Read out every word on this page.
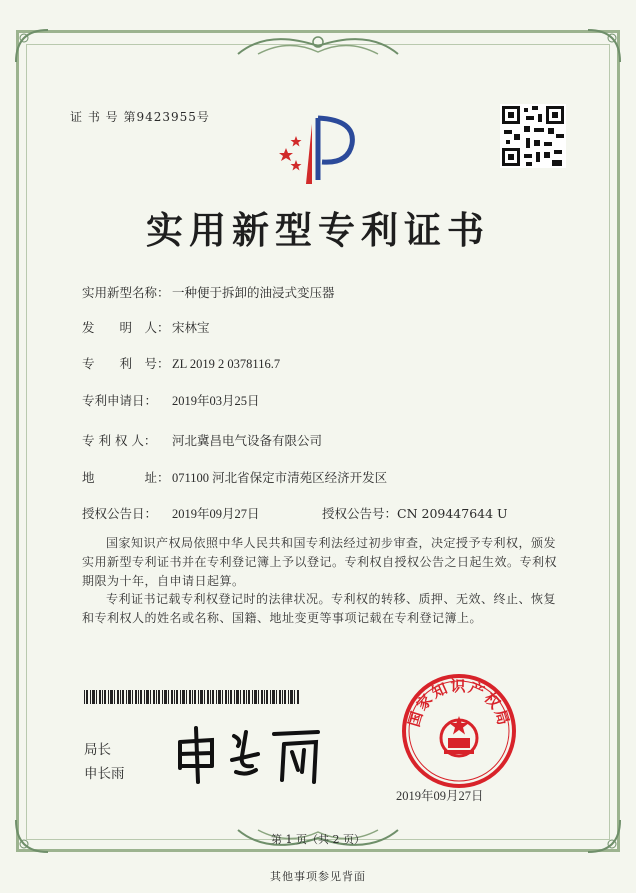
证 书 号 第9423955号
实用新型专利证书
实用新型名称： 一种便于拆卸的油浸式变压器
发　　明　人： 宋林宝
专　　利　号： ZL 2019 2 0378116.7
专利申请日： 2019年03月25日
专 利 权 人： 河北冀昌电气设备有限公司
地　　　　址： 071100 河北省保定市清苑区经济开发区
授权公告日： 2019年09月27日	授权公告号：CN 209447644 U
国家知识产权局依照中华人民共和国专利法经过初步审查，决定授予专利权，颁发实用新型专利证书并在专利登记簿上予以登记。专利权自授权公告之日起生效。专利权期限为十年，自申请日起算。
专利证书记载专利权登记时的法律状况。专利权的转移、质押、无效、终止、恢复和专利权人的姓名或名称、国籍、地址变更等事项记载在专利登记簿上。
局长
申长雨
国家知识产权局
2019年09月27日
第 1 页（共 2 页）
其他事项参见背面
